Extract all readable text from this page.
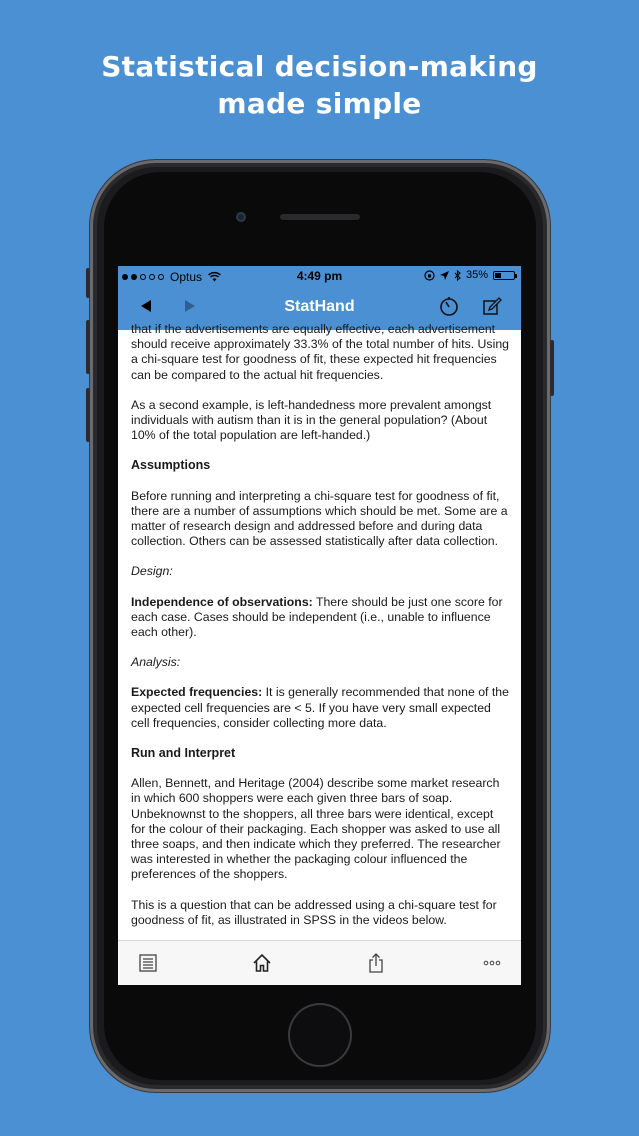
Statistical decision-making
made simple
Optus	4:49 pm	35%
StatHand

that if the advertisements are equally effective, each advertisement should receive approximately 33.3% of the total number of hits. Using a chi-square test for goodness of fit, these expected hit frequencies can be compared to the actual hit frequencies.

As a second example, is left-handedness more prevalent amongst individuals with autism than it is in the general population? (About 10% of the total population are left-handed.)

Assumptions

Before running and interpreting a chi-square test for goodness of fit, there are a number of assumptions which should be met. Some are a matter of research design and addressed before and during data collection. Others can be assessed statistically after data collection.

Design:

Independence of observations: There should be just one score for each case. Cases should be independent (i.e., unable to influence each other).

Analysis:

Expected frequencies: It is generally recommended that none of the expected cell frequencies are < 5. If you have very small expected cell frequencies, consider collecting more data.

Run and Interpret

Allen, Bennett, and Heritage (2004) describe some market research in which 600 shoppers were each given three bars of soap. Unbeknownst to the shoppers, all three bars were identical, except for the colour of their packaging. Each shopper was asked to use all three soaps, and then indicate which they preferred. The researcher was interested in whether the packaging colour influenced the preferences of the shoppers.

This is a question that can be addressed using a chi-square test for goodness of fit, as illustrated in SPSS in the videos below.
